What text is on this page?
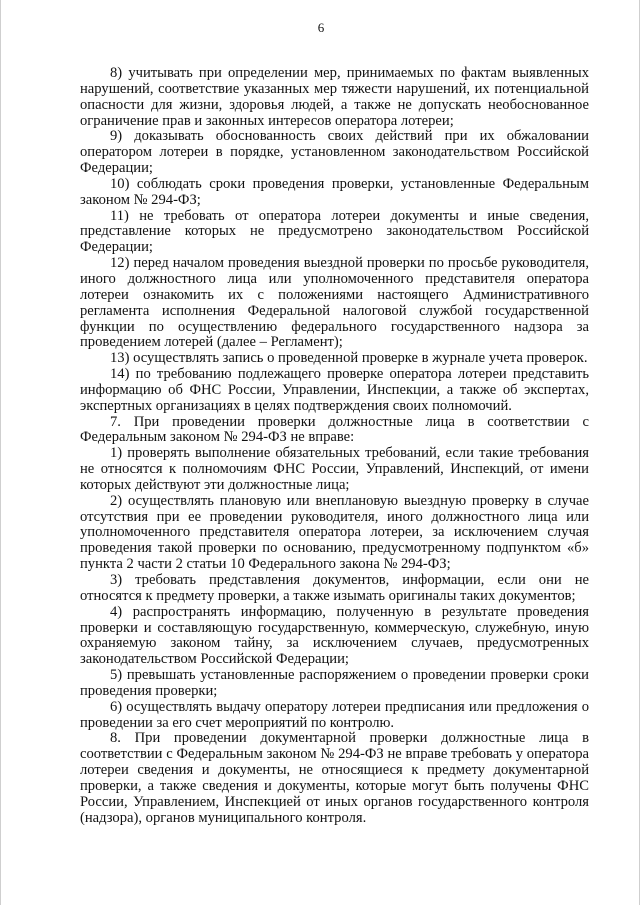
6

8) учитывать при определении мер, принимаемых по фактам выявленных нарушений, соответствие указанных мер тяжести нарушений, их потенциальной опасности для жизни, здоровья людей, а также не допускать необоснованное ограничение прав и законных интересов оператора лотереи;

9) доказывать обоснованность своих действий при их обжаловании оператором лотереи в порядке, установленном законодательством Российской Федерации;

10) соблюдать сроки проведения проверки, установленные Федеральным законом № 294-ФЗ;

11) не требовать от оператора лотереи документы и иные сведения, представление которых не предусмотрено законодательством Российской Федерации;

12) перед началом проведения выездной проверки по просьбе руководителя, иного должностного лица или уполномоченного представителя оператора лотереи ознакомить их с положениями настоящего Административного регламента исполнения Федеральной налоговой службой государственной функции по осуществлению федерального государственного надзора за проведением лотерей (далее – Регламент);

13) осуществлять запись о проведенной проверке в журнале учета проверок.

14) по требованию подлежащего проверке оператора лотереи представить информацию об ФНС России, Управлении, Инспекции, а также об экспертах, экспертных организациях в целях подтверждения своих полномочий.

7. При проведении проверки должностные лица в соответствии с Федеральным законом № 294-ФЗ не вправе:

1) проверять выполнение обязательных требований, если такие требования не относятся к полномочиям ФНС России, Управлений, Инспекций, от имени которых действуют эти должностные лица;

2) осуществлять плановую или внеплановую выездную проверку в случае отсутствия при ее проведении руководителя, иного должностного лица или уполномоченного представителя оператора лотереи, за исключением случая проведения такой проверки по основанию, предусмотренному подпунктом «б» пункта 2 части 2 статьи 10 Федерального закона № 294-ФЗ;

3) требовать представления документов, информации, если они не относятся к предмету проверки, а также изымать оригиналы таких документов;

4) распространять информацию, полученную в результате проведения проверки и составляющую государственную, коммерческую, служебную, иную охраняемую законом тайну, за исключением случаев, предусмотренных законодательством Российской Федерации;

5) превышать установленные распоряжением о проведении проверки сроки проведения проверки;

6) осуществлять выдачу оператору лотереи предписания или предложения о проведении за его счет мероприятий по контролю.

8. При проведении документарной проверки должностные лица в соответствии с Федеральным законом № 294-ФЗ не вправе требовать у оператора лотереи сведения и документы, не относящиеся к предмету документарной проверки, а также сведения и документы, которые могут быть получены ФНС России, Управлением, Инспекцией от иных органов государственного контроля (надзора), органов муниципального контроля.
